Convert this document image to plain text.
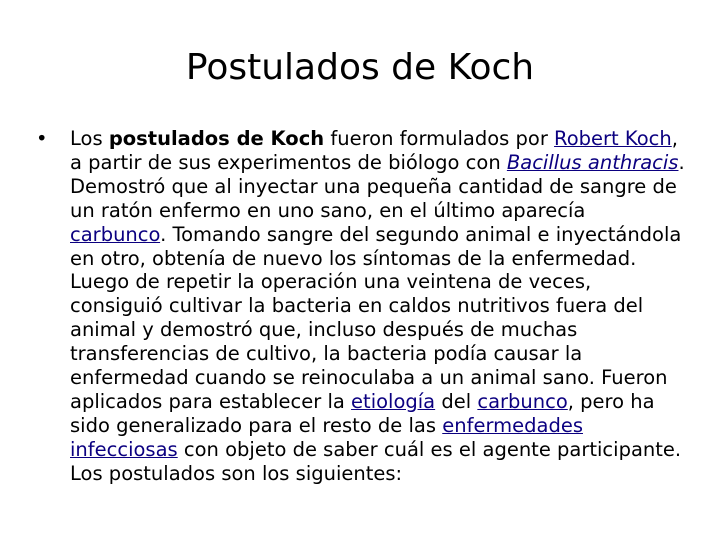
Postulados de Koch
•	Los postulados de Koch fueron formulados por Robert Koch, a partir de sus experimentos de biólogo con Bacillus anthracis. Demostró que al inyectar una pequeña cantidad de sangre de un ratón enfermo en uno sano, en el último aparecía carbunco. Tomando sangre del segundo animal e inyectándola en otro, obtenía de nuevo los síntomas de la enfermedad. Luego de repetir la operación una veintena de veces, consiguió cultivar la bacteria en caldos nutritivos fuera del animal y demostró que, incluso después de muchas transferencias de cultivo, la bacteria podía causar la enfermedad cuando se reinoculaba a un animal sano. Fueron aplicados para establecer la etiología del carbunco, pero ha sido generalizado para el resto de las enfermedades infecciosas con objeto de saber cuál es el agente participante. Los postulados son los siguientes:
